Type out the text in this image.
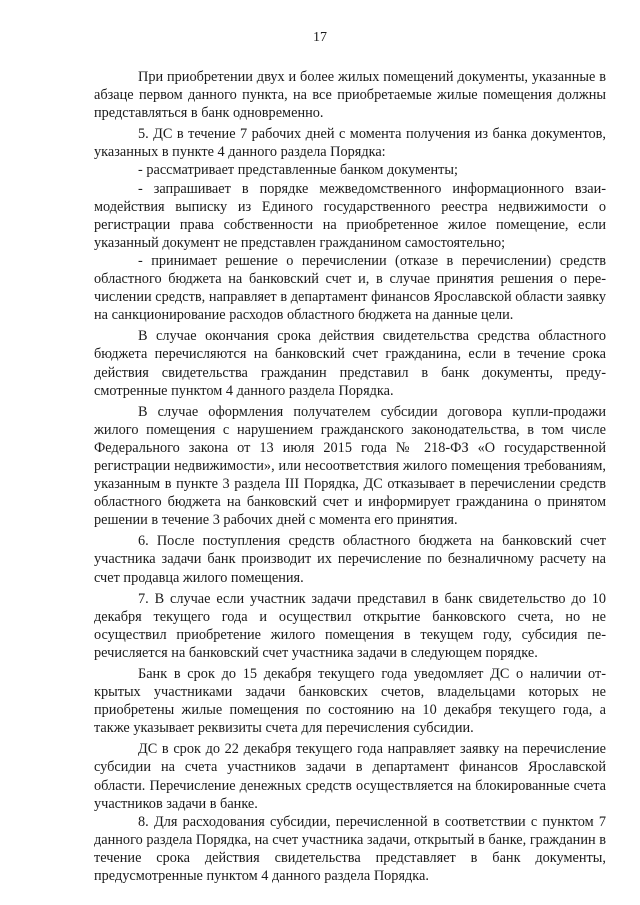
17

При приобретении двух и более жилых помещений документы, указанные в абзаце первом данного пункта, на все приобретаемые жилые помещения должны представляться в банк одновременно.

5. ДС в течение 7 рабочих дней с момента получения из банка документов, указанных в пункте 4 данного раздела Порядка:

- рассматривает представленные банком документы;

- запрашивает в порядке межведомственного информационного взаимодействия выписку из Единого государственного реестра недвижимости о регистрации права собственности на приобретенное жилое помещение, если указанный документ не представлен гражданином самостоятельно;

- принимает решение о перечислении (отказе в перечислении) средств областного бюджета на банковский счет и, в случае принятия решения о перечислении средств, направляет в департамент финансов Ярославской области заявку на санкционирование расходов областного бюджета на данные цели.

В случае окончания срока действия свидетельства средства областного бюджета перечисляются на банковский счет гражданина, если в течение срока действия свидетельства гражданин представил в банк документы, предусмотренные пунктом 4 данного раздела Порядка.

В случае оформления получателем субсидии договора купли-продажи жилого помещения с нарушением гражданского законодательства, в том числе Федерального закона от 13 июля 2015 года № 218-ФЗ «О государственной регистрации недвижимости», или несоответствия жилого помещения требованиям, указанным в пункте 3 раздела III Порядка, ДС отказывает в перечислении средств областного бюджета на банковский счет и информирует гражданина о принятом решении в течение 3 рабочих дней с момента его принятия.

6. После поступления средств областного бюджета на банковский счет участника задачи банк производит их перечисление по безналичному расчету на счет продавца жилого помещения.

7. В случае если участник задачи представил в банк свидетельство до 10 декабря текущего года и осуществил открытие банковского счета, но не осуществил приобретение жилого помещения в текущем году, субсидия перечисляется на банковский счет участника задачи в следующем порядке.

Банк в срок до 15 декабря текущего года уведомляет ДС о наличии открытых участниками задачи банковских счетов, владельцами которых не приобретены жилые помещения по состоянию на 10 декабря текущего года, а также указывает реквизиты счета для перечисления субсидии.

ДС в срок до 22 декабря текущего года направляет заявку на перечисление субсидии на счета участников задачи в департамент финансов Ярославской области. Перечисление денежных средств осуществляется на блокированные счета участников задачи в банке.

8. Для расходования субсидии, перечисленной в соответствии с пунктом 7 данного раздела Порядка, на счет участника задачи, открытый в банке, гражданин в течение срока действия свидетельства представляет в банк документы, предусмотренные пунктом 4 данного раздела Порядка.
